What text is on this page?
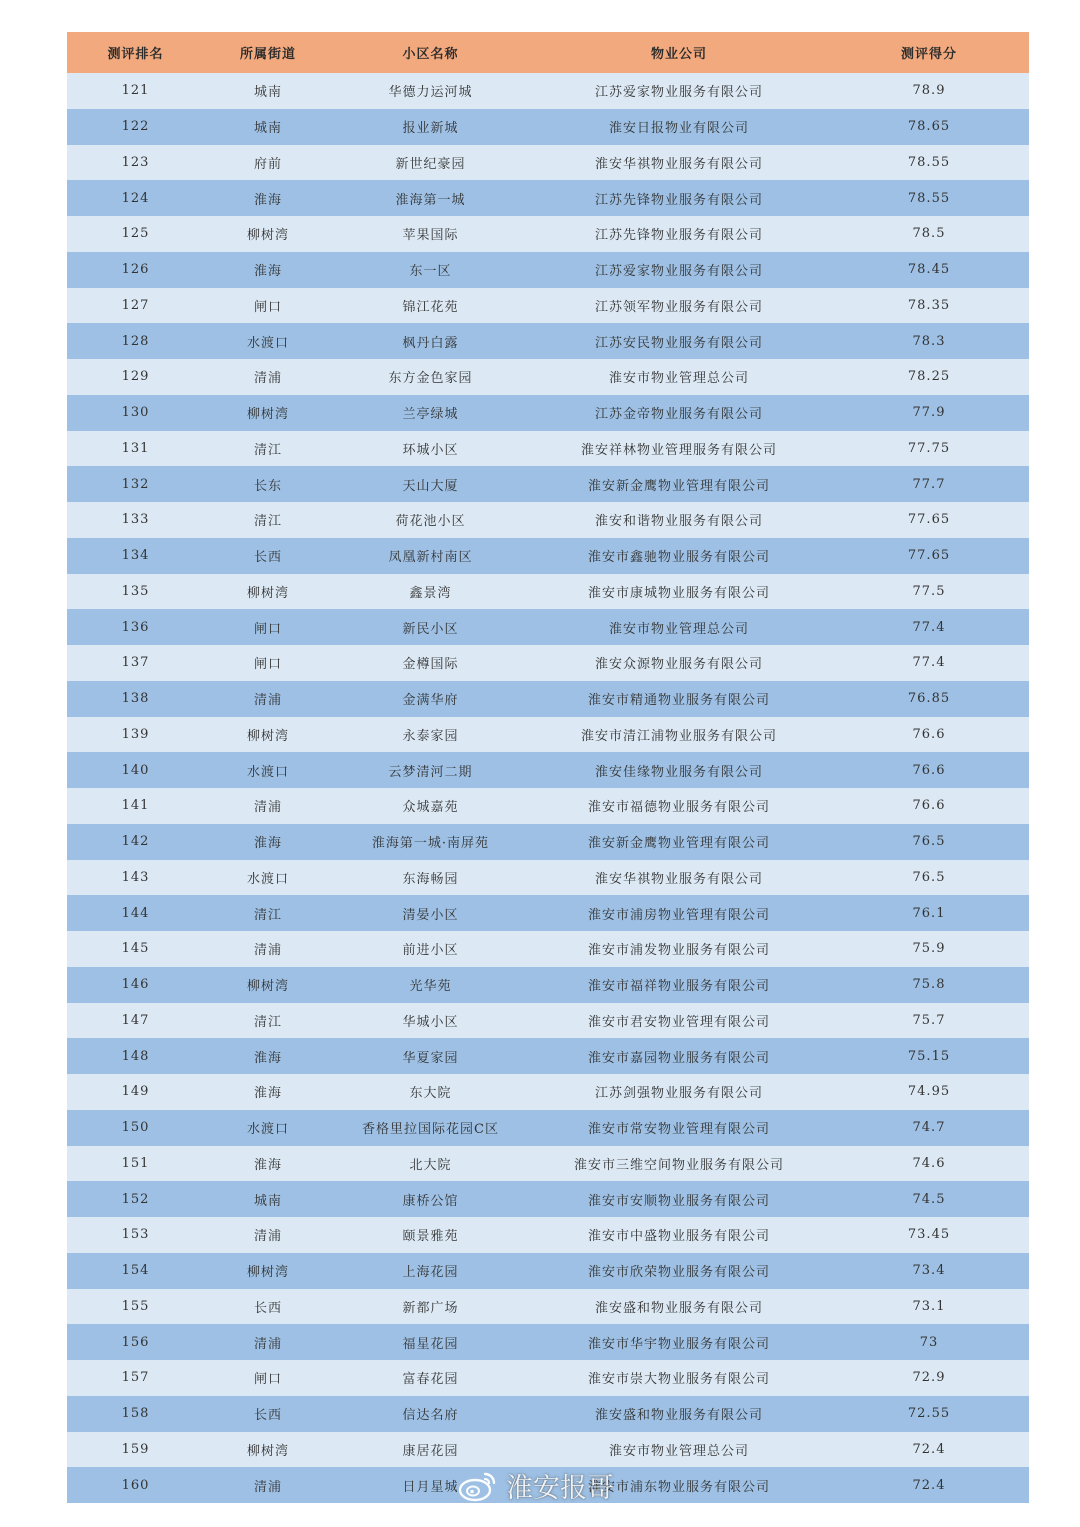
测评排名	所属街道	小区名称	物业公司	测评得分
121	城南	华德力运河城	江苏爱家物业服务有限公司	78.9
122	城南	报业新城	淮安日报物业有限公司	78.65
123	府前	新世纪豪园	淮安华祺物业服务有限公司	78.55
124	淮海	淮海第一城	江苏先锋物业服务有限公司	78.55
125	柳树湾	苹果国际	江苏先锋物业服务有限公司	78.5
126	淮海	东一区	江苏爱家物业服务有限公司	78.45
127	闸口	锦江花苑	江苏领军物业服务有限公司	78.35
128	水渡口	枫丹白露	江苏安民物业服务有限公司	78.3
129	清浦	东方金色家园	淮安市物业管理总公司	78.25
130	柳树湾	兰亭绿城	江苏金帝物业服务有限公司	77.9
131	清江	环城小区	淮安祥林物业管理服务有限公司	77.75
132	长东	天山大厦	淮安新金鹰物业管理有限公司	77.7
133	清江	荷花池小区	淮安和谐物业服务有限公司	77.65
134	长西	凤凰新村南区	淮安市鑫驰物业服务有限公司	77.65
135	柳树湾	鑫景湾	淮安市康城物业服务有限公司	77.5
136	闸口	新民小区	淮安市物业管理总公司	77.4
137	闸口	金樽国际	淮安众源物业服务有限公司	77.4
138	清浦	金满华府	淮安市精通物业服务有限公司	76.85
139	柳树湾	永泰家园	淮安市清江浦物业服务有限公司	76.6
140	水渡口	云梦清河二期	淮安佳缘物业服务有限公司	76.6
141	清浦	众城嘉苑	淮安市福德物业服务有限公司	76.6
142	淮海	淮海第一城·南屏苑	淮安新金鹰物业管理有限公司	76.5
143	水渡口	东海畅园	淮安华祺物业服务有限公司	76.5
144	清江	清晏小区	淮安市浦房物业管理有限公司	76.1
145	清浦	前进小区	淮安市浦发物业服务有限公司	75.9
146	柳树湾	光华苑	淮安市福祥物业服务有限公司	75.8
147	清江	华城小区	淮安市君安物业管理有限公司	75.7
148	淮海	华夏家园	淮安市嘉园物业服务有限公司	75.15
149	淮海	东大院	江苏剑强物业服务有限公司	74.95
150	水渡口	香格里拉国际花园C区	淮安市常安物业管理有限公司	74.7
151	淮海	北大院	淮安市三维空间物业服务有限公司	74.6
152	城南	康桥公馆	淮安市安顺物业服务有限公司	74.5
153	清浦	颐景雅苑	淮安市中盛物业服务有限公司	73.45
154	柳树湾	上海花园	淮安市欣荣物业服务有限公司	73.4
155	长西	新都广场	淮安盛和物业服务有限公司	73.1
156	清浦	福星花园	淮安市华宇物业服务有限公司	73
157	闸口	富春花园	淮安市崇大物业服务有限公司	72.9
158	长西	信达名府	淮安盛和物业服务有限公司	72.55
159	柳树湾	康居花园	淮安市物业管理总公司	72.4
160	清浦	日月星城	淮安市浦东物业服务有限公司	72.4
淮安报哥
